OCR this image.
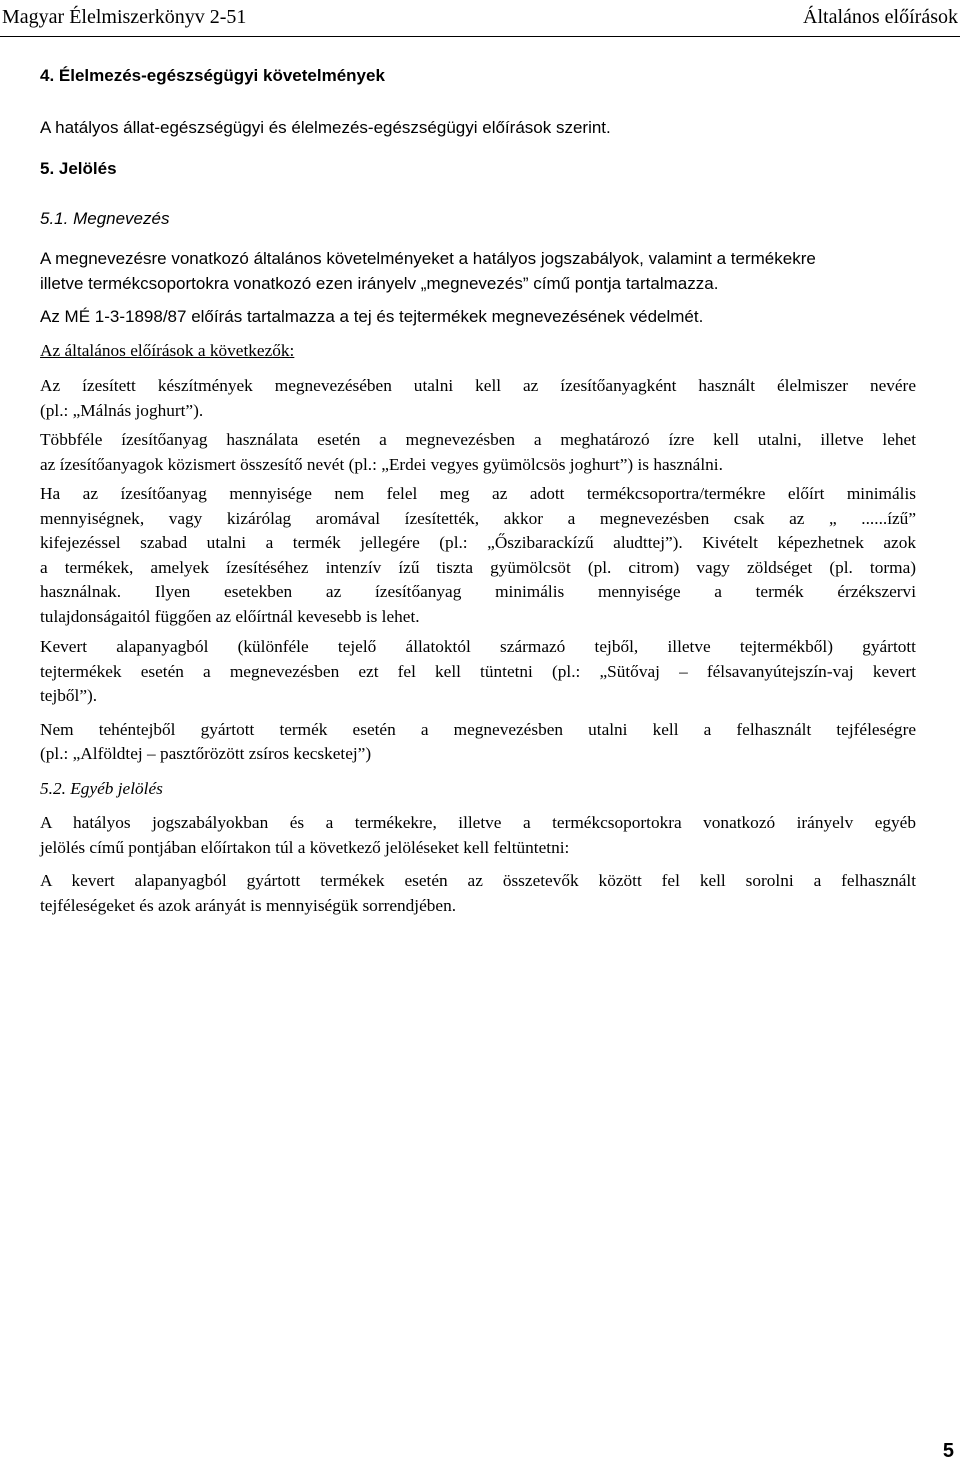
Magyar Élelmiszerkönyv 2-51	Általános előírások

4. Élelmezés-egészségügyi követelmények

A hatályos állat-egészségügyi és élelmezés-egészségügyi előírások szerint.

5. Jelölés

5.1. Megnevezés

A megnevezésre vonatkozó általános követelményeket a hatályos jogszabályok, valamint a termékekre

illetve termékcsoportokra vonatkozó ezen irányelv „megnevezés” című pontja tartalmazza.

Az MÉ 1-3-1898/87 előírás tartalmazza a tej és tejtermékek megnevezésének védelmét.

Az általános előírások a következők:

Az ízesített készítmények megnevezésében utalni kell az ízesítőanyagként használt élelmiszer nevére

(pl.: „Málnás joghurt”).

Többféle ízesítőanyag használata esetén a megnevezésben a meghatározó ízre kell utalni, illetve lehet

az ízesítőanyagok közismert összesítő nevét (pl.: „Erdei vegyes gyümölcsös joghurt”) is használni.

Ha az ízesítőanyag mennyisége nem felel meg az adott termékcsoportra/termékre előírt minimális

mennyiségnek, vagy kizárólag aromával ízesítették, akkor a megnevezésben csak az „ ......ízű”

kifejezéssel szabad utalni a termék jellegére (pl.: „Őszibarackízű aludttej”). Kivételt képezhetnek azok

a termékek, amelyek ízesítéséhez intenzív ízű tiszta gyümölcsöt (pl. citrom) vagy zöldséget (pl. torma)

használnak. Ilyen esetekben az ízesítőanyag minimális mennyisége a termék érzékszervi

tulajdonságaitól függően az előírtnál kevesebb is lehet.

Kevert alapanyagból (különféle tejelő állatoktól származó tejből, illetve tejtermékből) gyártott

tejtermékek esetén a megnevezésben ezt fel kell tüntetni (pl.: „Sütővaj – félsavanyútejszín-vaj kevert

tejből”).

Nem tehéntejből gyártott termék esetén a megnevezésben utalni kell a felhasznált tejféleségre

(pl.: „Alföldtej – pasztőrözött zsíros kecsketej”)

5.2. Egyéb jelölés

A hatályos jogszabályokban és a termékekre, illetve a termékcsoportokra vonatkozó irányelv egyéb

jelölés című pontjában előírtakon túl a következő jelöléseket kell feltüntetni:

A kevert alapanyagból gyártott termékek esetén az összetevők között fel kell sorolni a felhasznált

tejféleségeket és azok arányát is mennyiségük sorrendjében.

5
